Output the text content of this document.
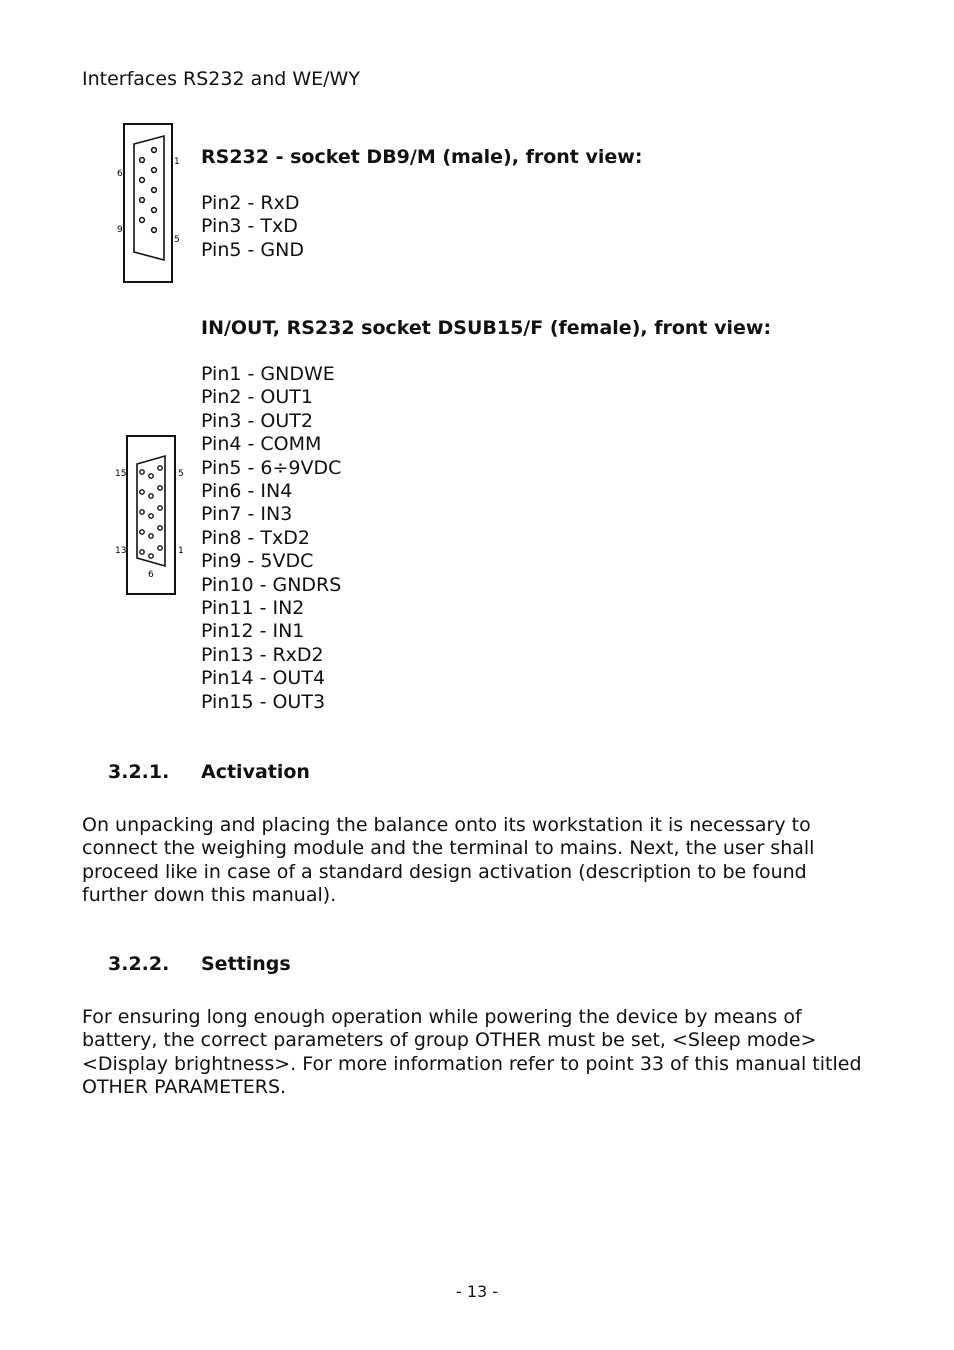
Interfaces RS232 and WE/WY
6
1
9
5
RS232 - socket DB9/M (male), front view:
Pin2 - RxD
Pin3 - TxD
Pin5 - GND
IN/OUT, RS232 socket DSUB15/F (female), front view:
15	5
13	1
6
Pin1 - GNDWE
Pin2 - OUT1
Pin3 - OUT2
Pin4 - COMM
Pin5 - 6÷9VDC
Pin6 - IN4
Pin7 - IN3
Pin8 - TxD2
Pin9 - 5VDC
Pin10 - GNDRS
Pin11 - IN2
Pin12 - IN1
Pin13 - RxD2
Pin14 - OUT4
Pin15 - OUT3
3.2.1. Activation
On unpacking and placing the balance onto its workstation it is necessary to connect the weighing module and the terminal to mains. Next, the user shall proceed like in case of a standard design activation (description to be found further down this manual).
3.2.2. Settings
For ensuring long enough operation while powering the device by means of battery, the correct parameters of group OTHER must be set, <Sleep mode> <Display brightness>. For more information refer to point 33 of this manual titled OTHER PARAMETERS.
- 13 -
